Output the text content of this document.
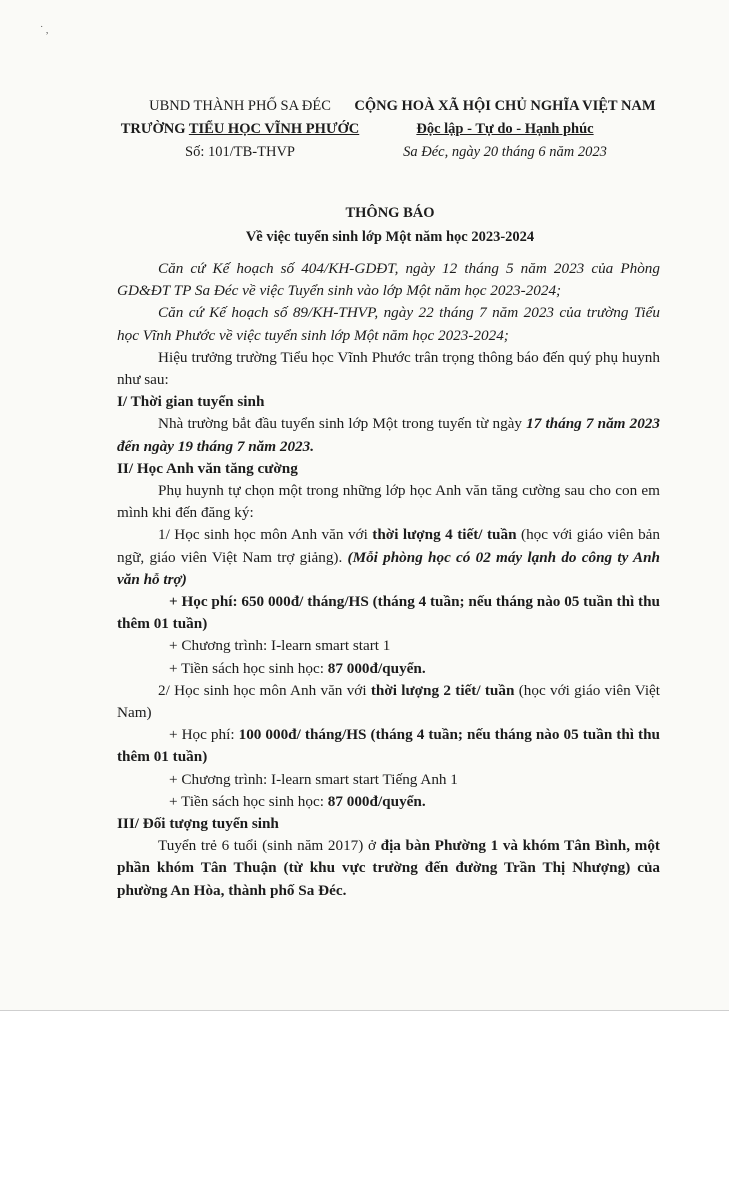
˙ ,
UBND THÀNH PHỐ SA ĐÉC
TRƯỜNG TIỂU HỌC VĨNH PHƯỚC
Số: 101/TB-THVP
CỘNG HOÀ XÃ HỘI CHỦ NGHĨA VIỆT NAM
Độc lập - Tự do - Hạnh phúc
Sa Đéc, ngày 20 tháng 6 năm 2023
THÔNG BÁO
Về việc tuyển sinh lớp Một năm học 2023-2024

Căn cứ Kế hoạch số 404/KH-GDĐT, ngày 12 tháng 5 năm 2023 của Phòng GD&ĐT TP Sa Đéc về việc Tuyển sinh vào lớp Một năm học 2023-2024;

Căn cứ Kế hoạch số 89/KH-THVP, ngày 22 tháng 7 năm 2023 của trường Tiểu học Vĩnh Phước về việc tuyển sinh lớp Một năm học 2023-2024;

Hiệu trưởng trường Tiểu học Vĩnh Phước trân trọng thông báo đến quý phụ huynh như sau:

I/ Thời gian tuyển sinh

Nhà trường bắt đầu tuyển sinh lớp Một trong tuyến từ ngày 17 tháng 7 năm 2023 đến ngày 19 tháng 7 năm 2023.

II/ Học Anh văn tăng cường

Phụ huynh tự chọn một trong những lớp học Anh văn tăng cường sau cho con em mình khi đến đăng ký:

1/ Học sinh học môn Anh văn với thời lượng 4 tiết/ tuần (học với giáo viên bản ngữ, giáo viên Việt Nam trợ giảng). (Mỗi phòng học có 02 máy lạnh do công ty Anh văn hỗ trợ)

+ Học phí: 650 000đ/ tháng/HS (tháng 4 tuần; nếu tháng nào 05 tuần thì thu thêm 01 tuần)

+ Chương trình: I-learn smart start 1

+ Tiền sách học sinh học: 87 000đ/quyển.

2/ Học sinh học môn Anh văn với thời lượng 2 tiết/ tuần (học với giáo viên Việt Nam)

+ Học phí: 100 000đ/ tháng/HS (tháng 4 tuần; nếu tháng nào 05 tuần thì thu thêm 01 tuần)

+ Chương trình: I-learn smart start Tiếng Anh 1

+ Tiền sách học sinh học: 87 000đ/quyển.

III/ Đối tượng tuyển sinh

Tuyển trẻ 6 tuổi (sinh năm 2017) ở địa bàn Phường 1 và khóm Tân Bình, một phần khóm Tân Thuận (từ khu vực trường đến đường Trần Thị Nhượng) của phường An Hòa, thành phố Sa Đéc.
